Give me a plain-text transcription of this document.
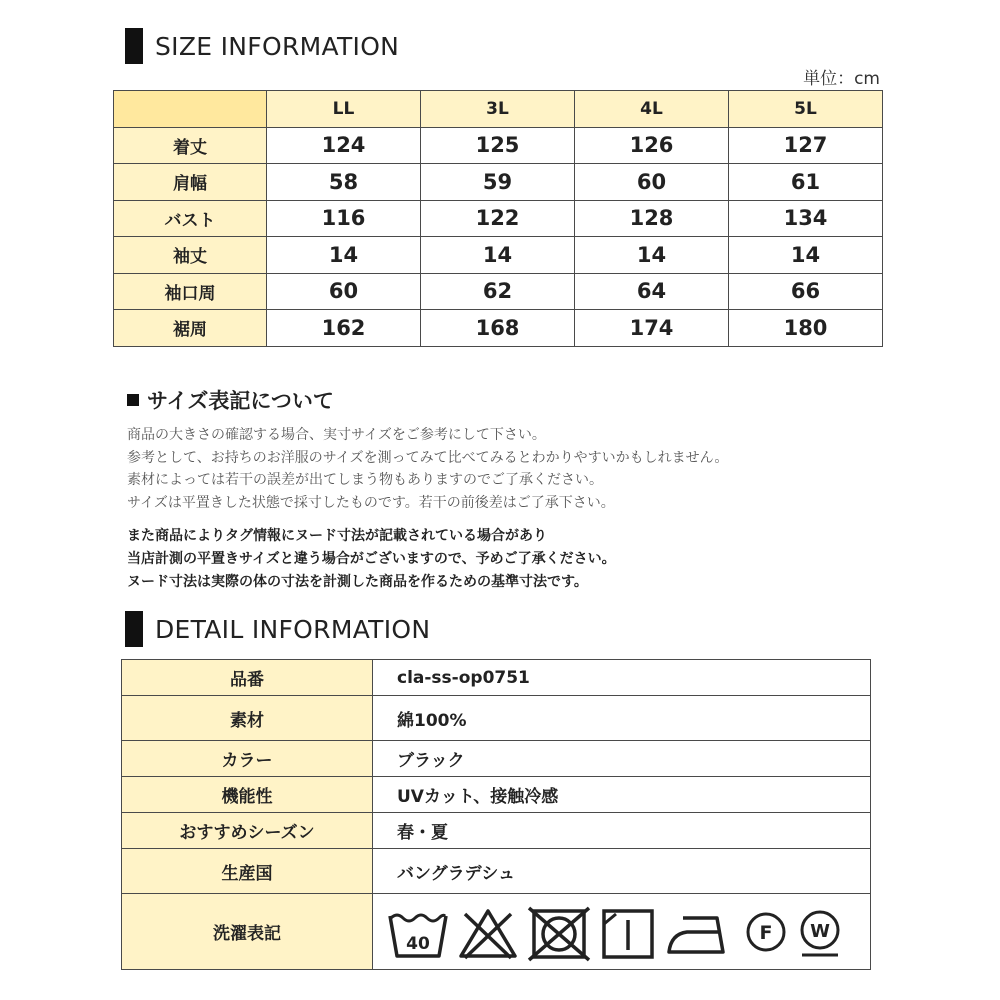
SIZE INFORMATION
単位：cm
	LL	3L	4L	5L
着丈	124	125	126	127
肩幅	58	59	60	61
バスト	116	122	128	134
袖丈	14	14	14	14
袖口周	60	62	64	66
裾周	162	168	174	180
サイズ表記について
商品の大きさの確認する場合、実寸サイズをご参考にして下さい。
参考として、お持ちのお洋服のサイズを測ってみて比べてみるとわかりやすいかもしれません。
素材によっては若干の誤差が出てしまう物もありますのでご了承ください。
サイズは平置きした状態で採寸したものです。若干の前後差はご了承下さい。
また商品によりタグ情報にヌード寸法が記載されている場合があり
当店計測の平置きサイズと違う場合がございますので、予めご了承ください。
ヌード寸法は実際の体の寸法を計測した商品を作るための基準寸法です。
DETAIL INFORMATION
品番	cla-ss-op0751
素材	綿100%
カラー	ブラック
機能性	UVカット、接触冷感
おすすめシーズン	春・夏
生産国	バングラデシュ
洗濯表記	40 F W
